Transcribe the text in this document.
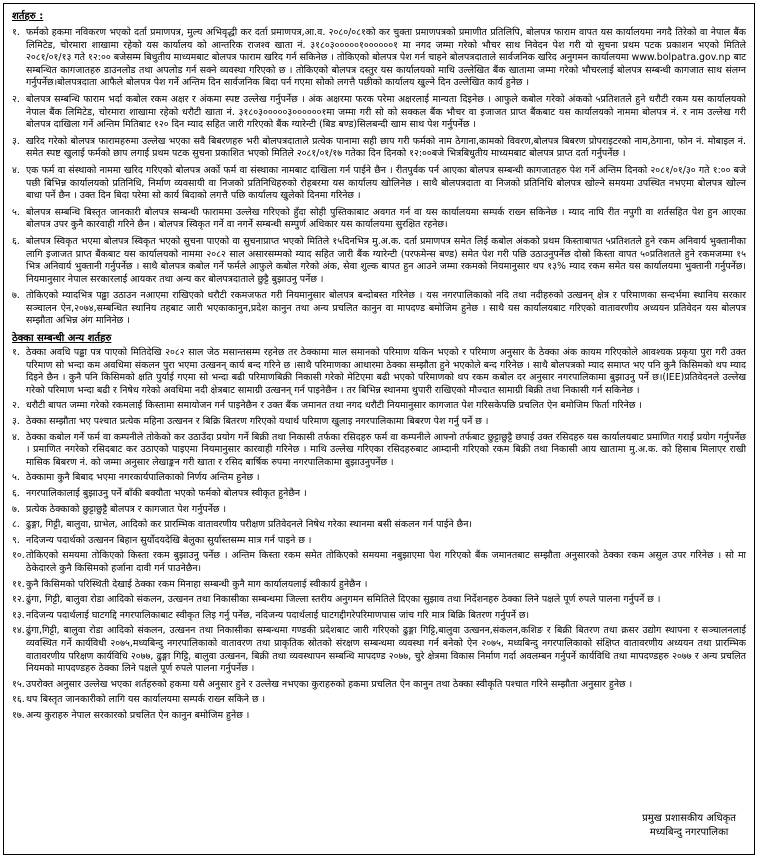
शर्तहरु :
१. फर्मको हकमा नविकरण भएको दर्ता प्रमाणपत्र, मुल्य अभिवृद्धी कर दर्ता प्रमाणपत्र,आ.व. २०८०/०८१को कर चुक्ता प्रमाणपत्रको प्रमाणीत प्रतिलिपि, बोलपत्र फाराम वापत यस कार्यालयमा नगदै तिरेको वा नेपाल बैंक लिमिटेड, चोरमारा शाखामा रहेको यस कार्यालय को आन्तरिक राजश्व खाता नं. ३१८०३०००००१००००००१ मा नगद जम्मा गरेको भौचर साथ निवेदन पेश गरी यो सुचना प्रथम पटक प्रकाशन भएको मितिले २०८१/०१/१३ गते १२:०० बजेसम्म बिधुतीय माध्यमबाट बोलपत्र फाराम खरिद गर्न सकिनेछ । तोकिएको बोलपत्र पेश गर्न चाहने बोलपत्रदाताले सार्वजनिक खरिद अनुगमन कार्यालयमा www.bolpatra.gov.np बाट सम्बन्धित कागजातहरु डाउनलोड तथा अपलोड गर्न सक्ने व्यवस्था गरिएको छ । तोकिएको बोलपत्र दस्तुर यस कार्यालयको माथि उल्लेखित बैंक खातामा जम्मा गरेको भौचरलाई बोलपत्र सम्बन्धी कागजात साथ संलग्न गर्नुपर्नेछ।बोलपत्रदाता आफैले बोलपत्र पेश गर्ने अन्तिम दिन सार्वजनिक बिदा पर्न गएमा सोको लगत्तै पछीको कार्यालय खुल्ने दिन उल्लेखित कार्य हुनेछ ।
२. बोलपत्र सम्बन्धि फाराम भर्दा कबोल रकम अक्षर र अंकमा स्पष्ट उल्लेख गर्नुपर्नेछ । अंक अक्षरमा फरक परेमा अक्षरलाई मान्यता दिइनेछ । आफुले कबोल गरेको अंकको ५प्रतिशतले हुने धरौटी रकम यस कार्यालयको नेपाल बैंक लिमिटेड, चोरमारा शाखामा रहेको धरौटी खाता नं. ३१८०३०००००३००००००१मा जम्मा गरी सो को सक्कल बैंक भौचर वा इजाजत प्राप्त बैंकबाट यस कार्यालयको नाममा बोलपत्र नं. र नाम उल्लेख गरी बोलपत्र दाखिला गर्ने अन्तिम मितिबाट १२० दिन म्याद सहित जारी गरिएको बैंक ग्यारेन्टी (बिड बण्ड)सिलबन्दी खाम साथ पेश गर्नुपर्नेछ ।
३. खरिद गरेको बोलपत्र फारामहरुमा उल्लेख भएका सवै बिबरणहरु भरी बोलपत्रदाताले प्रत्येक पानामा सही छाप गरी फर्मको नाम ठेगाना,कामको विवरण,बोलपत्र बिबरण प्रोपराइटरको नाम,ठेगाना, फोन नं. मोबाइल नं. समेत स्पष्ट खुलाई फर्मको छाप लगाई प्रथम पटक सुचना प्रकाशित भएको मितिले २०८१/०१/१७ गतेका दिन दिनको १२:००बजे भित्रबिधुतीय माध्यमबाट बोलपत्र प्राप्त दर्ता गर्नुपर्नेछ ।
४. एक फर्म वा संस्थाको नाममा खरिद गरिएको बोलपत्र अर्को फर्म वा संस्थाका नामबाट दाखिला गर्न पाईने छैन । रीतपुर्वक पर्न आएका बोलपत्र सम्बन्धी कागजातहरु पेश गर्ने अन्तिम दिनको २०८१/०१/३० गते १:०० बजे पछी बिभिन्न कार्यालयको प्रतिनिधि, निर्माण व्यवसायी वा निजको प्रतिनिधिहरुको रोहबरमा यस कार्यालय खोलिनेछ । साथै बोलपत्रदाता वा निजको प्रतिनिधि बोलपत्र खोल्ने समयमा उपस्थित नभएमा बोलपत्र खोल्न बाधा पर्ने छैन । उक्त दिन बिदा परेमा सो कार्य बिदाको लगत्तै पछि कार्यालय खुलेको दिनमा गरिनेछ ।
५. बोलपत्र सम्बन्धि बिस्तृत जानकारी बोलपत्र सम्बन्धी फाराममा उल्लेख गरिएको हुँदा सोही पुस्तिकाबाट अवगत गर्न वा यस कार्यालयमा सम्पर्क राख्न सकिनेछ । म्याद नाघि रीत नपुगी वा शर्तसहित पेश हुन आएका बोलपत्र उपर कुनै कारवाही गरिने छैन । बोलपत्र स्विकृत गर्ने वा नगर्ने सम्बन्धी सम्पुर्ण अधिकार यस कार्यालयमा सुरक्षित रहनेछ।
६. बोलपत्र स्विकृत भएमा बोलपत्र स्विकृत भएको सुचना पाएको वा सुचनाप्राप्त भएको मितिले १५दिनभित्र मु.अ.क. दर्ता प्रमाणपत्र समेत लिई कबोल अंकको प्रथम किस्ताबापत ५प्रतिशतले हुने रकम अनिवार्य भुक्तानीका लागि इजाजत प्राप्त बैंकबाट यस कार्यालयको नाममा २०८२ साल असारसम्मको म्याद सहित जारी बैंक ग्यारेन्टी (परफमेन्स बण्ड) समेत पेश गरी पछि उठाउनुपर्नेछ दोस्रो किस्ता वापत ५०प्रतिशतले हुने रकमजम्मा १५ भित्र अनिवार्य भुक्तानी गर्नुपर्नेछ । साथै बोलपत्र कबोल गर्ने फर्मले आफुले कबोल गरेको अंक, सेवा शुल्क बापत हुन आउने जम्मा रकमको नियमानुसार थप १३% म्याद रकम समेत यस कार्यालयमा भुक्तानी गर्नुपर्नेछ।नियमानुसार नेपाल सरकारलाई आयकर तथा अन्य कर बोलपत्रदाताले छुट्टै बुझाउनु पर्नेछ ।
७. तोकिएको म्यादभित्र पढ्ढा उठाउन नआएमा राखिएको धरौटी रकमजफत गरी नियमानुसार बोलपत्र बन्दोबस्त गरिनेछ । यस नगरपालिकाको नदि तथा नदीहरुको उत्खनन् क्षेत्र र परिमाणका सन्दर्भमा स्थानिय सरकार सञ्चालन ऐन,२०७४,सम्बन्धित स्थानिय तहबाट जारी भएकाकानुन,प्रदेश कानुन तथा अन्य प्रचलित कानुन वा मापदण्ड बमोजिम हुनेछ । साथै यस कार्यालयबाट गरिएको वातावरणीय अध्ययन प्रतिवेदन यस बोलपत्र सम्झौता अभिन्न अंग मानिनेछ ।
ठेक्का सम्बन्धी अन्य शर्तहरु
१. ठेक्का अवधि पढ्ढा पत्र पाएको मितिदेखि २०८२ साल जेठ मसान्तसम्म रहनेछ तर ठेक्कामा माल समानको परिमाण यकिन भएको र परिमाण अनुसार के ठेक्का अंक कायम गरिएकोले आवश्यक प्रकृया पुरा गरी उक्त परिमाण सो भन्दा कम अवधिमा संकलन पुरा भएमा उत्खनन् कार्य बन्द गरिने छ ।साथै परिमाणका आधारमा ठेक्का सम्झौता हुने भएकोले बन्द गरिनेछ । साथै बोलपत्रको म्याद समाप्त भए पनि कुनै किसिमको थप म्याद दिइने छैन । कुनै पनि किसिमको क्षति पुर्याई गएमा सो भन्दा बढी परिमाणबिक्री निकासी गरेको मेटिएमा बढी भएको परिमाणको थप रकम कबोल दर अनुसार नगरपालिकामा बुझाउनु पर्ने छ।(IEE)प्रतिवेदनले उल्लेख गरेको परिमाण भन्दा बढी र निषेध गरेको अवधिमा नदी क्षेत्रबाट सामाग्री उत्खनन् गर्न पाइनेछैन । तर बिभिन्न स्थानमा थुपारी राखिएको मौज्दात सामाग्री बिक्री तथा निकासी गर्न सकिनेछ ।
२. धरौटी बापत जम्मा गरेको रकमलाई किस्तामा समायोजन गर्न पाइनेछैन र उक्त बैंक जमानत तथा नगद धरौटी नियमानुसार कागजात पेश गरिसकेपछि प्रचलित ऐन बमोजिम फिर्ता गरिनेछ ।
३. ठेक्का सम्झौता भए पश्चात प्रत्येक महिना उत्खनन र बिक्रि बितरण गरिएको यथार्थ परिमाण खुलाइ नगरपालिकामा बिबरण पेश गर्नु पर्ने छ ।
४. ठेक्का कबोल गर्ने फर्म वा कम्पनीले तोकेको कर उठाउँदा प्रयोग गर्ने बिक्री तथा निकासी तर्फका रसिदहरु फर्म वा कम्पनीले आफ्नो तर्फबाट छुट्टाछुट्टै छपाई उक्त रसिदहरु यस कार्यालयबाट प्रमाणित गराई प्रयोग गर्नुपर्नेछ । प्रमाणित नगरेको रसिदबाट कर उठाएको पाइएमा नियमानुसार कारवाही गरिनेछ । माथि उल्लेख गरिएका रसिदहरुबाट आम्दानी गरिएको रकम बिक्री तथा निकासी आय खातामा मु.अ.क. को हिसाब मिलाएर राखी मासिक बिबरण नं. को जम्मा अनुसार लेखाङ्कन गरी खाता र रसिद बार्षिक रुपमा नगरपालिकामा बुझाउनुपर्नेछ ।
५. ठेक्कामा कुनै बिबाद भएमा नगरकार्यपालिकाको निर्णय अन्तिम हुनेछ ।
६. नगरपालिकालाई बुझाउनु पर्ने बाँकी बक्यौता भएको फर्मको बोलपत्र स्वीकृत हुनेछैन ।
७. प्रत्येक ठेक्काको छुट्टाछुट्टै बोलपत्र र कागजात पेश गर्नुपर्नेछ ।
८. ढुङ्गा, गिट्टी, बालुवा, ग्राभेल, आदिको कर प्रारम्भिक वातावरणीय परीक्षण प्रतिवेदनले निषेध गरेका स्थानमा बसी संकलन गर्न पाईने छैन।
९. नदिजन्य पदार्थको उत्खनन बिहान सुर्योदयदेखि बेलुका सुर्यास्तसम्म मात्र गर्न पाइने छ ।
१०. तोकिएको समयमा तोकिएको किस्ता रकम बुझाउनु पर्नेछ । अन्तिम किस्ता रकम समेत तोकिएको समयमा नबुझाएमा पेश गरिएको बैंक जमानतबाट सम्झौता अनुसारको ठेक्का रकम असुल उपर गरिनेछ । सो मा ठेकेदारले कुनै किसिमको हर्जाना दावी गर्न पाउनेछैन।
११. कुनै किसिमको परिस्थिती देखाई ठेक्का रकम मिनाहा सम्बन्धी कुनै माग कार्यालयलाई स्वीकार्य हुनेछैन ।
१२. ढुंगा, गिट्टी, बालुवा रोडा आदिको संकलन, उत्खनन तथा निकासीका सम्बन्धमा जिल्ला स्तरीय अनुगमन समितिले दिएका सुझाव तथा निर्देशनहरु ठेक्का लिने पक्षले पूर्ण रुपले पालना गर्नुपर्ने छ ।
१३. नदिजन्य पदार्थलाई घाटगद्दि नगरपालिकाबाट स्वीकृत लिइ गर्नु पर्नेछ, नदिजन्य पदार्थलाई घाटगद्दीगरेपरिमाणपास जांच गरि मात्र बिक्रि बितरण गर्नुपर्ने छ।
१४. ढुंगा,गिट्टी, बालुवा रोडा आदिको संकलन, उत्खनन तथा निकासीका सम्बन्धमा गण्डकी प्रदेशबाट जारी गरिएको ढुङ्गा गिट्टि,बालुवा उत्खनन,संकलन,कशिङ र बिक्री बितरण तथा क्रसर उद्योग स्थापना र सञ्चालनलाई व्यवस्थित गर्ने कार्यविधी २०७५,मध्यबिन्दु नगरपालिकाको वातावरण तथा प्राकृतिक स्रोतको संरक्षण सम्बन्धमा व्यवस्था गर्न बनेको ऐन २०७५, मध्यबिन्दु नगरपालिकाको संक्षिप्त वातावरणीय अध्ययन तथा प्रारम्भिक वातावरणीय परिक्षण कार्यविधि २०७७, ढुङ्गा गिट्टि, बालुवा उत्खनन, बिक्री तथा व्यवस्थापन सम्बन्धि मापदण्ड २०७७, चुरे क्षेत्रमा विकास निर्माण गर्दा अवलम्बन गर्नुपर्ने कार्यविधि तथा मापदण्डहरु २०७७ र अन्य प्रचलित नियमको मापदण्डहरु ठेक्का लिने पक्षले पूर्ण रुपले पालना गर्नुपर्नेछ ।
१५. उपरोक्त अनुसार उल्लेख भएका शर्तहरुको हकमा यसै अनुसार हुने र उल्लेख नभएका कुराहरुको हकमा प्रचलित ऐन कानुन तथा ठेक्का स्वीकृति पश्चात गरिने सम्झौता अनुसार हुनेछ ।
१६. थप बिस्तृत जानकारीको लागि यस कार्यालयमा सम्पर्क राख्न सकिने छ ।
१७. अन्य कुराहरु नेपाल सरकारको प्रचलित ऐन कानुन बमोजिम हुनेछ ।
प्रमुख प्रशासकीय अधिकृत
मध्यबिन्दु नगरपालिका
